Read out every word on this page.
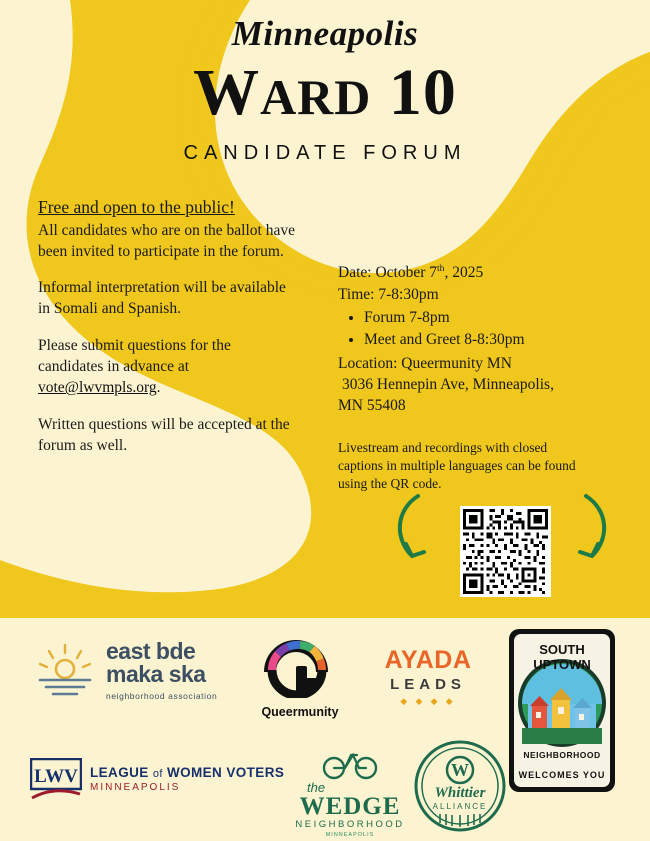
Minneapolis
WARD 10
CANDIDATE FORUM
Free and open to the public!

All candidates who are on the ballot have been invited to participate in the forum.

Informal interpretation will be available in Somali and Spanish.

Please submit questions for the candidates in advance at vote@lwvmpls.org.

Written questions will be accepted at the forum as well.

Date: October 7th, 2025

Time: 7-8:30pm

• Forum 7-8pm
• Meet and Greet 8-8:30pm

Location: Queermunity MN

3036 Hennepin Ave, Minneapolis,

MN 55408

Livestream and recordings with closed captions in multiple languages can be found using the QR code.

east bde
maka ska
neighborhood association
Queermunity
AYADA
LEADS
◆ ◆ ◆ ◆
SOUTH
UPTOWN
NEIGHBORHOOD
WELCOMES YOU
LWV LEAGUE of WOMEN VOTERS
MINNEAPOLIS	the
WEDGE
NEIGHBORHOOD
MINNEAPOLIS
W
Whittier
ALLIANCE
